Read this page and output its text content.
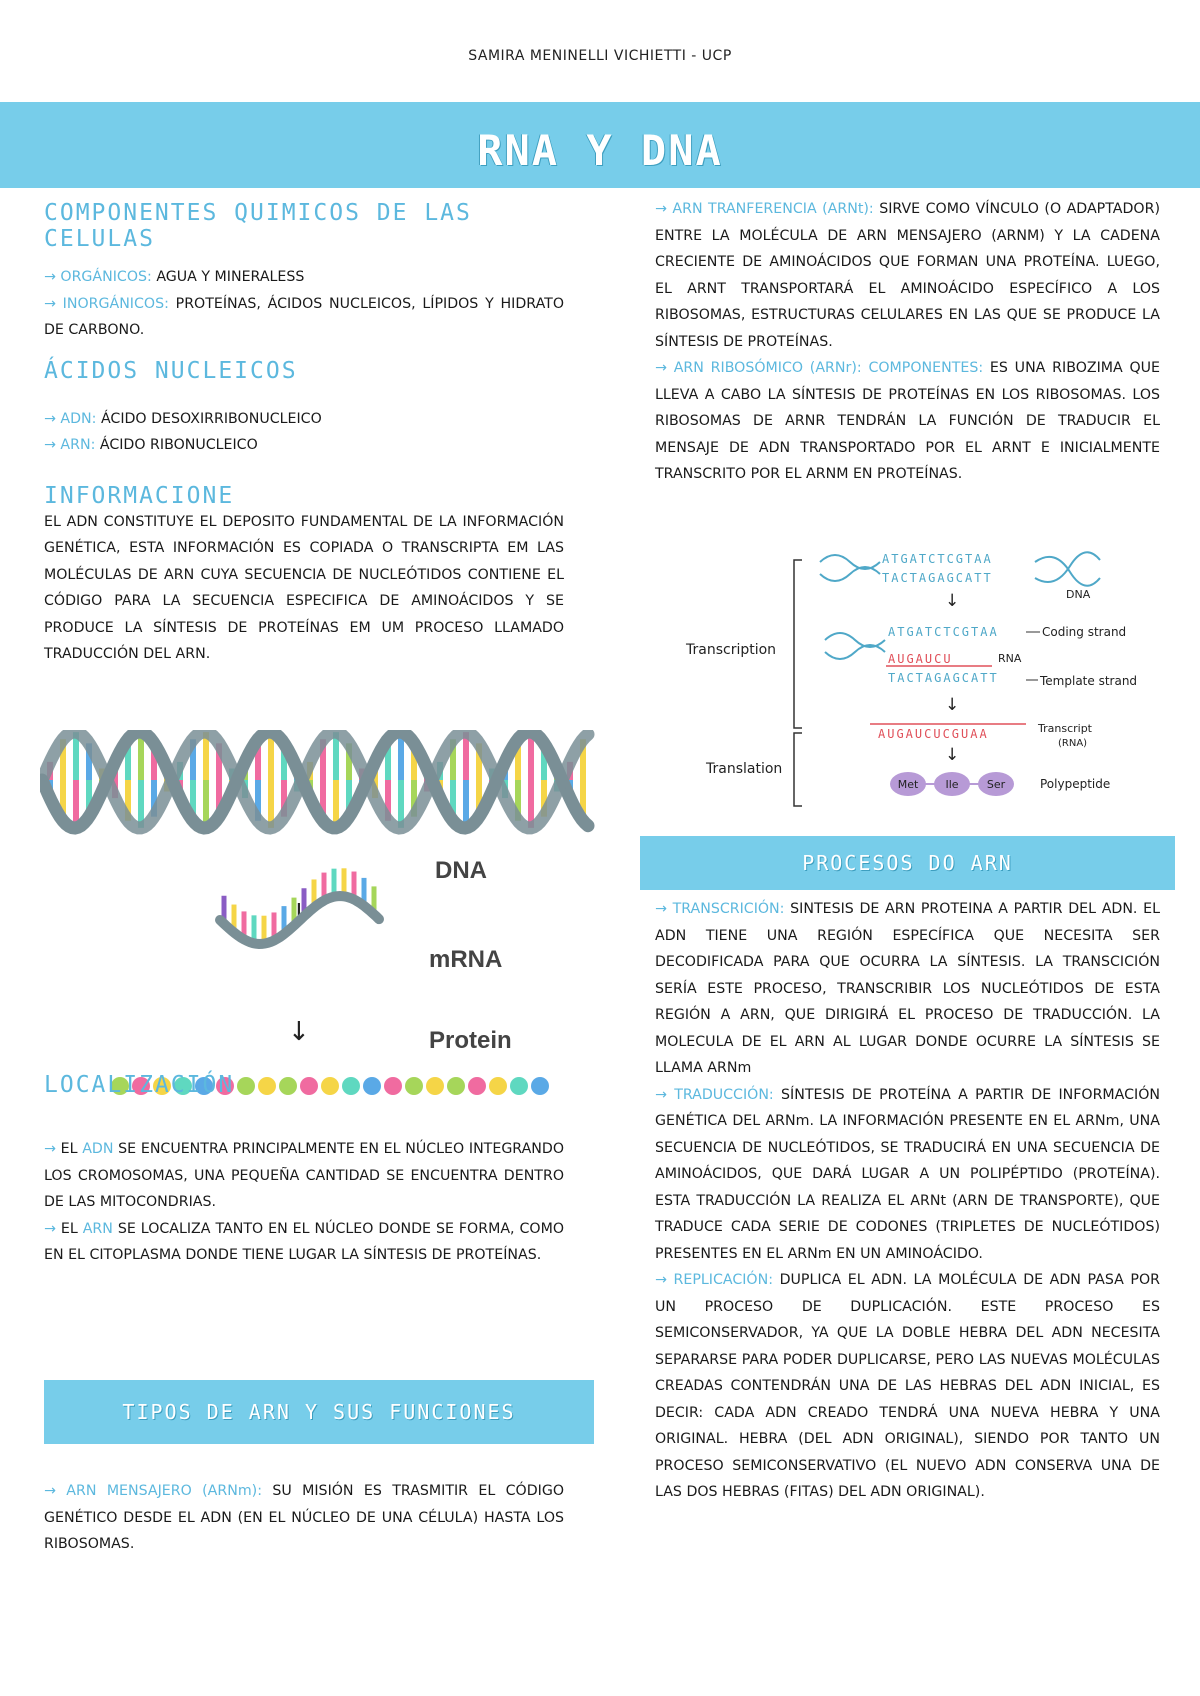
SAMIRA MENINELLI VICHIETTI - UCP
RNA Y DNA
COMPONENTES QUIMICOS DE LAS CELULAS

→ ORGÁNICOS: AGUA Y MINERALESS

→ INORGÁNICOS: PROTEÍNAS, ÁCIDOS NUCLEICOS, LÍPIDOS Y HIDRATO DE CARBONO.

ÁCIDOS NUCLEICOS

→ ADN: ÁCIDO DESOXIRRIBONUCLEICO

→ ARN: ÁCIDO RIBONUCLEICO

INFORMACIONE

EL ADN CONSTITUYE EL DEPOSITO FUNDAMENTAL DE LA INFORMACIÓN GENÉTICA, ESTA INFORMACIÓN ES COPIADA O TRANSCRIPTA EM LAS MOLÉCULAS DE ARN CUYA SECUENCIA DE NUCLEÓTIDOS CONTIENE EL CÓDIGO PARA LA SECUENCIA ESPECIFICA DE AMINOÁCIDOS Y SE PRODUCE LA SÍNTESIS DE PROTEÍNAS EM UM PROCESO LLAMADO TRADUCCIÓN DEL ARN.

DNA
↓
mRNA
↓	Protein
LOCALIZACIÓN

→ EL ADN SE ENCUENTRA PRINCIPALMENTE EN EL NÚCLEO INTEGRANDO LOS CROMOSOMAS, UNA PEQUEÑA CANTIDAD SE ENCUENTRA DENTRO DE LAS MITOCONDRIAS.

→ EL ARN SE LOCALIZA TANTO EN EL NÚCLEO DONDE SE FORMA, COMO EN EL CITOPLASMA DONDE TIENE LUGAR LA SÍNTESIS DE PROTEÍNAS.

TIPOS DE ARN Y SUS FUNCIONES

→ ARN MENSAJERO (ARNm): SU MISIÓN ES TRASMITIR EL CÓDIGO GENÉTICO DESDE EL ADN (EN EL NÚCLEO DE UNA CÉLULA) HASTA LOS RIBOSOMAS.

→ ARN TRANFERENCIA (ARNt): SIRVE COMO VÍNCULO (O ADAPTADOR) ENTRE LA MOLÉCULA DE ARN MENSAJERO (ARNM) Y LA CADENA CRECIENTE DE AMINOÁCIDOS QUE FORMAN UNA PROTEÍNA. LUEGO, EL ARNT TRANSPORTARÁ EL AMINOÁCIDO ESPECÍFICO A LOS RIBOSOMAS, ESTRUCTURAS CELULARES EN LAS QUE SE PRODUCE LA SÍNTESIS DE PROTEÍNAS.

→ ARN RIBOSÓMICO (ARNr): COMPONENTES: ES UNA RIBOZIMA QUE LLEVA A CABO LA SÍNTESIS DE PROTEÍNAS EN LOS RIBOSOMAS. LOS RIBOSOMAS DE ARNR TENDRÁN LA FUNCIÓN DE TRADUCIR EL MENSAJE DE ADN TRANSPORTADO POR EL ARNT E INICIALMENTE TRANSCRITO POR EL ARNM EN PROTEÍNAS.

Transcription
Translation
ATGATCTCGTAA
TACTAGAGCATT
DNA
↓
ATGATCTCGTAA
TACTAGAGCATT
AUGAUCU	RNA
Coding strand
Template strand
↓
AUGAUCUCGUAA	Transcript
(RNA)
↓
Met Ile	Ser	Polypeptide
PROCESOS DO ARN

→ TRANSCRICIÓN: SINTESIS DE ARN PROTEINA A PARTIR DEL ADN. EL ADN TIENE UNA REGIÓN ESPECÍFICA QUE NECESITA SER DECODIFICADA PARA QUE OCURRA LA SÍNTESIS. LA TRANSCICIÓN SERÍA ESTE PROCESO, TRANSCRIBIR LOS NUCLEÓTIDOS DE ESTA REGIÓN A ARN, QUE DIRIGIRÁ EL PROCESO DE TRADUCCIÓN. LA MOLECULA DE EL ARN AL LUGAR DONDE OCURRE LA SÍNTESIS SE LLAMA ARNm

→ TRADUCCIÓN: SÍNTESIS DE PROTEÍNA A PARTIR DE INFORMACIÓN GENÉTICA DEL ARNm. LA INFORMACIÓN PRESENTE EN EL ARNm, UNA SECUENCIA DE NUCLEÓTIDOS, SE TRADUCIRÁ EN UNA SECUENCIA DE AMINOÁCIDOS, QUE DARÁ LUGAR A UN POLIPÉPTIDO (PROTEÍNA). ESTA TRADUCCIÓN LA REALIZA EL ARNt (ARN DE TRANSPORTE), QUE TRADUCE CADA SERIE DE CODONES (TRIPLETES DE NUCLEÓTIDOS) PRESENTES EN EL ARNm EN UN AMINOÁCIDO.

→ REPLICACIÓN: DUPLICA EL ADN. LA MOLÉCULA DE ADN PASA POR UN PROCESO DE DUPLICACIÓN. ESTE PROCESO ES SEMICONSERVADOR, YA QUE LA DOBLE HEBRA DEL ADN NECESITA SEPARARSE PARA PODER DUPLICARSE, PERO LAS NUEVAS MOLÉCULAS CREADAS CONTENDRÁN UNA DE LAS HEBRAS DEL ADN INICIAL, ES DECIR: CADA ADN CREADO TENDRÁ UNA NUEVA HEBRA Y UNA ORIGINAL. HEBRA (DEL ADN ORIGINAL), SIENDO POR TANTO UN PROCESO SEMICONSERVATIVO (EL NUEVO ADN CONSERVA UNA DE LAS DOS HEBRAS (FITAS) DEL ADN ORIGINAL).
